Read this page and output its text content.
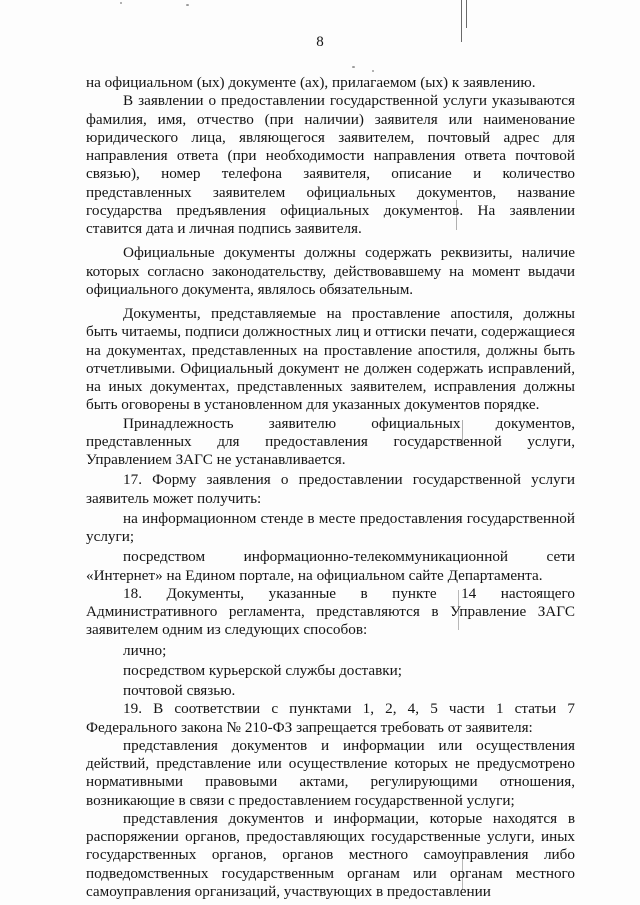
8

на официальном (ых) документе (ах), прилагаемом (ых) к заявлению.

В заявлении о предоставлении государственной услуги указываются фамилия, имя, отчество (при наличии) заявителя или наименование юридического лица, являющегося заявителем, почтовый адрес для направления ответа (при необходимости направления ответа почтовой связью), номер телефона заявителя, описание и количество представленных заявителем официальных документов, название государства предъявления официальных документов. На заявлении ставится дата и личная подпись заявителя.

Официальные документы должны содержать реквизиты, наличие которых согласно законодательству, действовавшему на момент выдачи официального документа, являлось обязательным.

Документы, представляемые на проставление апостиля, должны быть читаемы, подписи должностных лиц и оттиски печати, содержащиеся на документах, представленных на проставление апостиля, должны быть отчетливыми. Официальный документ не должен содержать исправлений, на иных документах, представленных заявителем, исправления должны быть оговорены в установленном для указанных документов порядке.

Принадлежность заявителю официальных документов, представленных для предоставления государственной услуги, Управлением ЗАГС не устанавливается.

17. Форму заявления о предоставлении государственной услуги заявитель может получить:

на информационном стенде в месте предоставления государственной услуги;

посредством информационно-телекоммуникационной сети «Интернет» на Едином портале, на официальном сайте Департамента.

18. Документы, указанные в пункте 14 настоящего Административного регламента, представляются в Управление ЗАГС заявителем одним из следующих способов:

лично;

посредством курьерской службы доставки;

почтовой связью.

19. В соответствии с пунктами 1, 2, 4, 5 части 1 статьи 7 Федерального закона № 210-ФЗ запрещается требовать от заявителя:

представления документов и информации или осуществления действий, представление или осуществление которых не предусмотрено нормативными правовыми актами, регулирующими отношения, возникающие в связи с предоставлением государственной услуги;

представления документов и информации, которые находятся в распоряжении органов, предоставляющих государственные услуги, иных государственных органов, органов местного самоуправления либо подведомственных государственным органам или органам местного самоуправления организаций, участвующих в предоставлении
